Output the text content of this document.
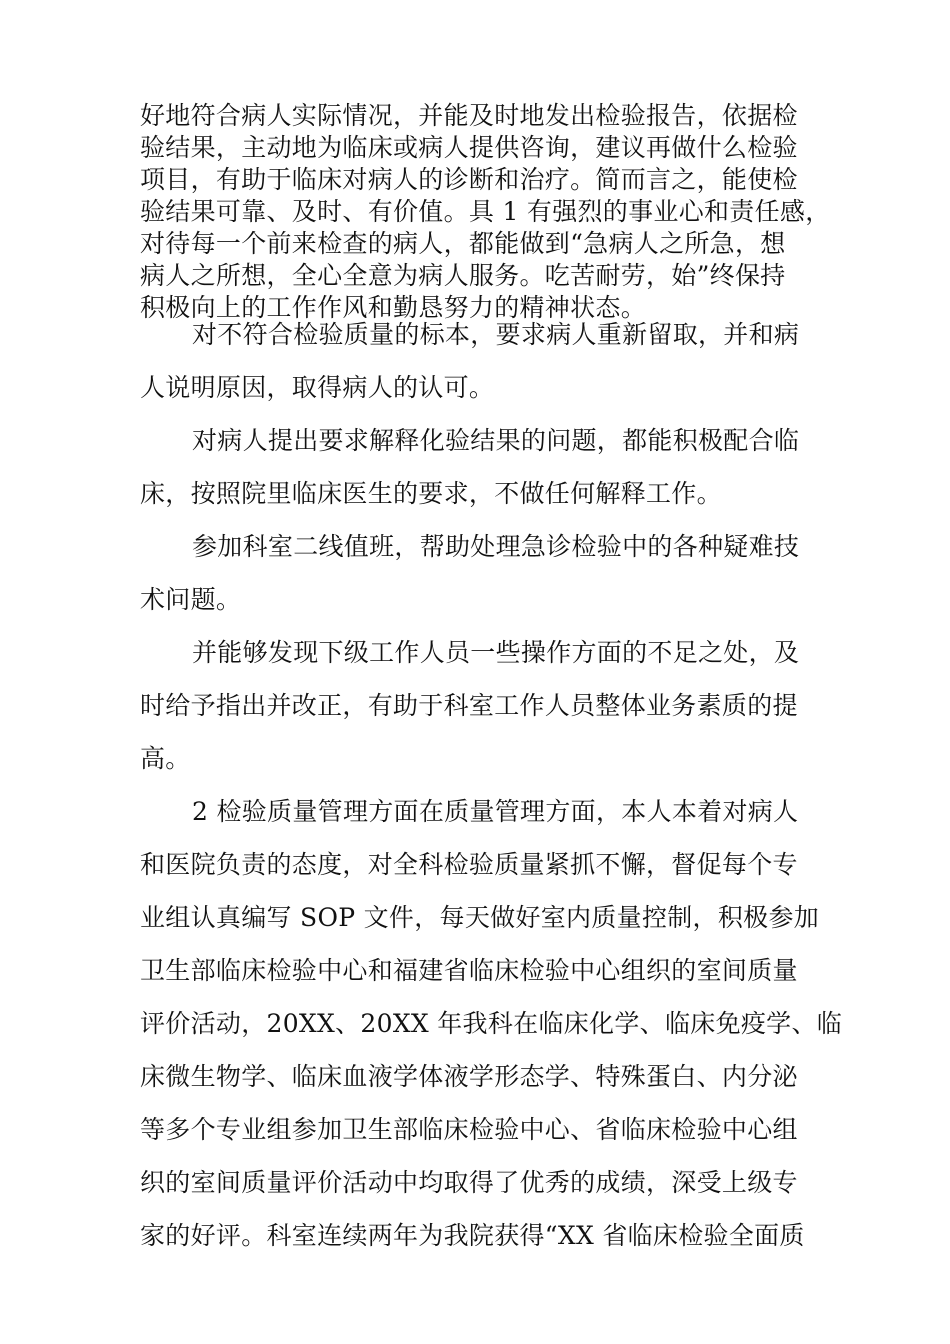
好地符合病人实际情况，并能及时地发出检验报告，依据检
验结果，主动地为临床或病人提供咨询，建议再做什么检验
项目，有助于临床对病人的诊断和治疗。简而言之，能使检
验结果可靠、及时、有价值。具 1 有强烈的事业心和责任感，
对待每一个前来检查的病人，都能做到“急病人之所急，想
病人之所想，全心全意为病人服务。吃苦耐劳，始”终保持
积极向上的工作作风和勤恳努力的精神状态。
对不符合检验质量的标本，要求病人重新留取，并和病
人说明原因，取得病人的认可。
对病人提出要求解释化验结果的问题，都能积极配合临
床，按照院里临床医生的要求，不做任何解释工作。
参加科室二线值班，帮助处理急诊检验中的各种疑难技
术问题。
并能够发现下级工作人员一些操作方面的不足之处，及
时给予指出并改正，有助于科室工作人员整体业务素质的提
高。
2 检验质量管理方面在质量管理方面，本人本着对病人
和医院负责的态度，对全科检验质量紧抓不懈，督促每个专
业组认真编写 SOP 文件，每天做好室内质量控制，积极参加
卫生部临床检验中心和福建省临床检验中心组织的室间质量
评价活动，20XX、20XX 年我科在临床化学、临床免疫学、临
床微生物学、临床血液学体液学形态学、特殊蛋白、内分泌
等多个专业组参加卫生部临床检验中心、省临床检验中心组
织的室间质量评价活动中均取得了优秀的成绩，深受上级专
家的好评。科室连续两年为我院获得“XX 省临床检验全面质
